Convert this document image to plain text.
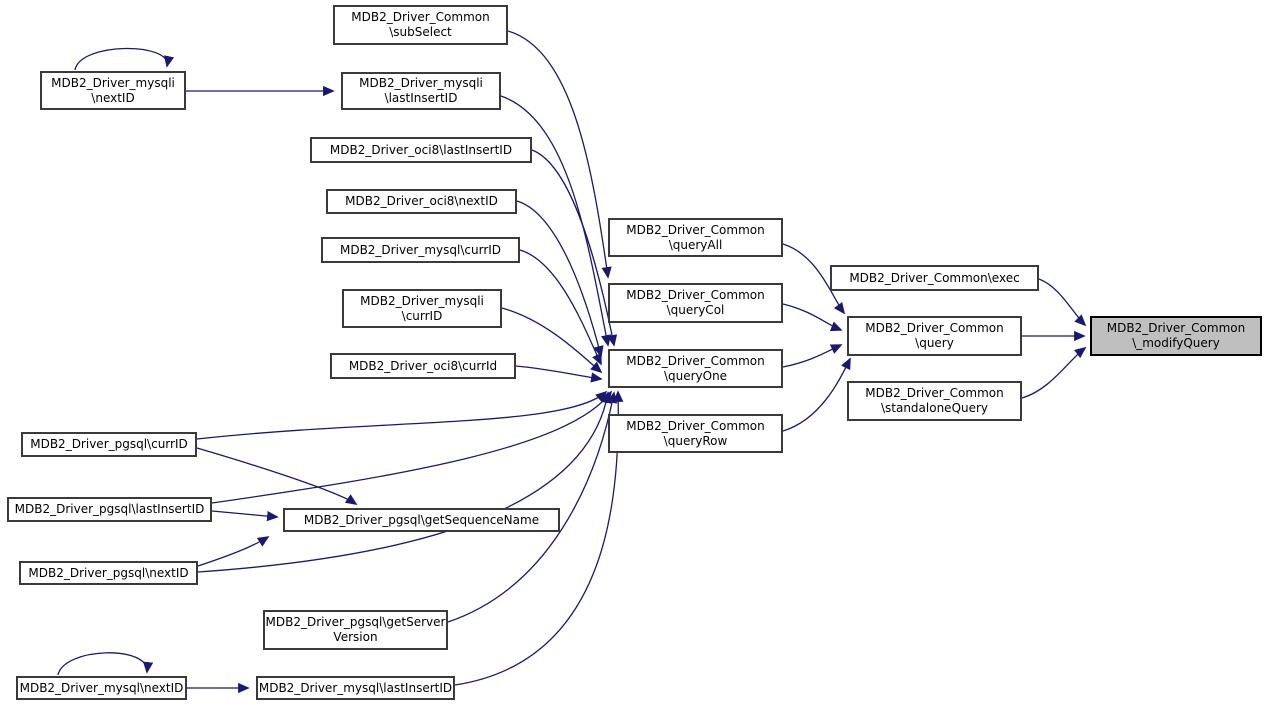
MDB2_Driver_Common
\subSelect
MDB2_Driver_mysqli
\nextID
MDB2_Driver_mysqli
\lastInsertID
MDB2_Driver_oci8\lastInsertID
MDB2_Driver_oci8\nextID
MDB2_Driver_mysql\currID
MDB2_Driver_mysqli
\currID
MDB2_Driver_oci8\currId
MDB2_Driver_Common
\queryAll
MDB2_Driver_Common
\queryCol
MDB2_Driver_Common
\queryOne
MDB2_Driver_Common
\queryRow
MDB2_Driver_Common\exec
MDB2_Driver_Common
\query
MDB2_Driver_Common
\_modifyQuery
MDB2_Driver_Common
\standaloneQuery
MDB2_Driver_pgsql\currID
MDB2_Driver_pgsql\lastInsertID
MDB2_Driver_pgsql\getSequenceName
MDB2_Driver_pgsql\nextID
MDB2_Driver_pgsql\getServer
Version
MDB2_Driver_mysql\nextID	MDB2_Driver_mysql\lastInsertID
